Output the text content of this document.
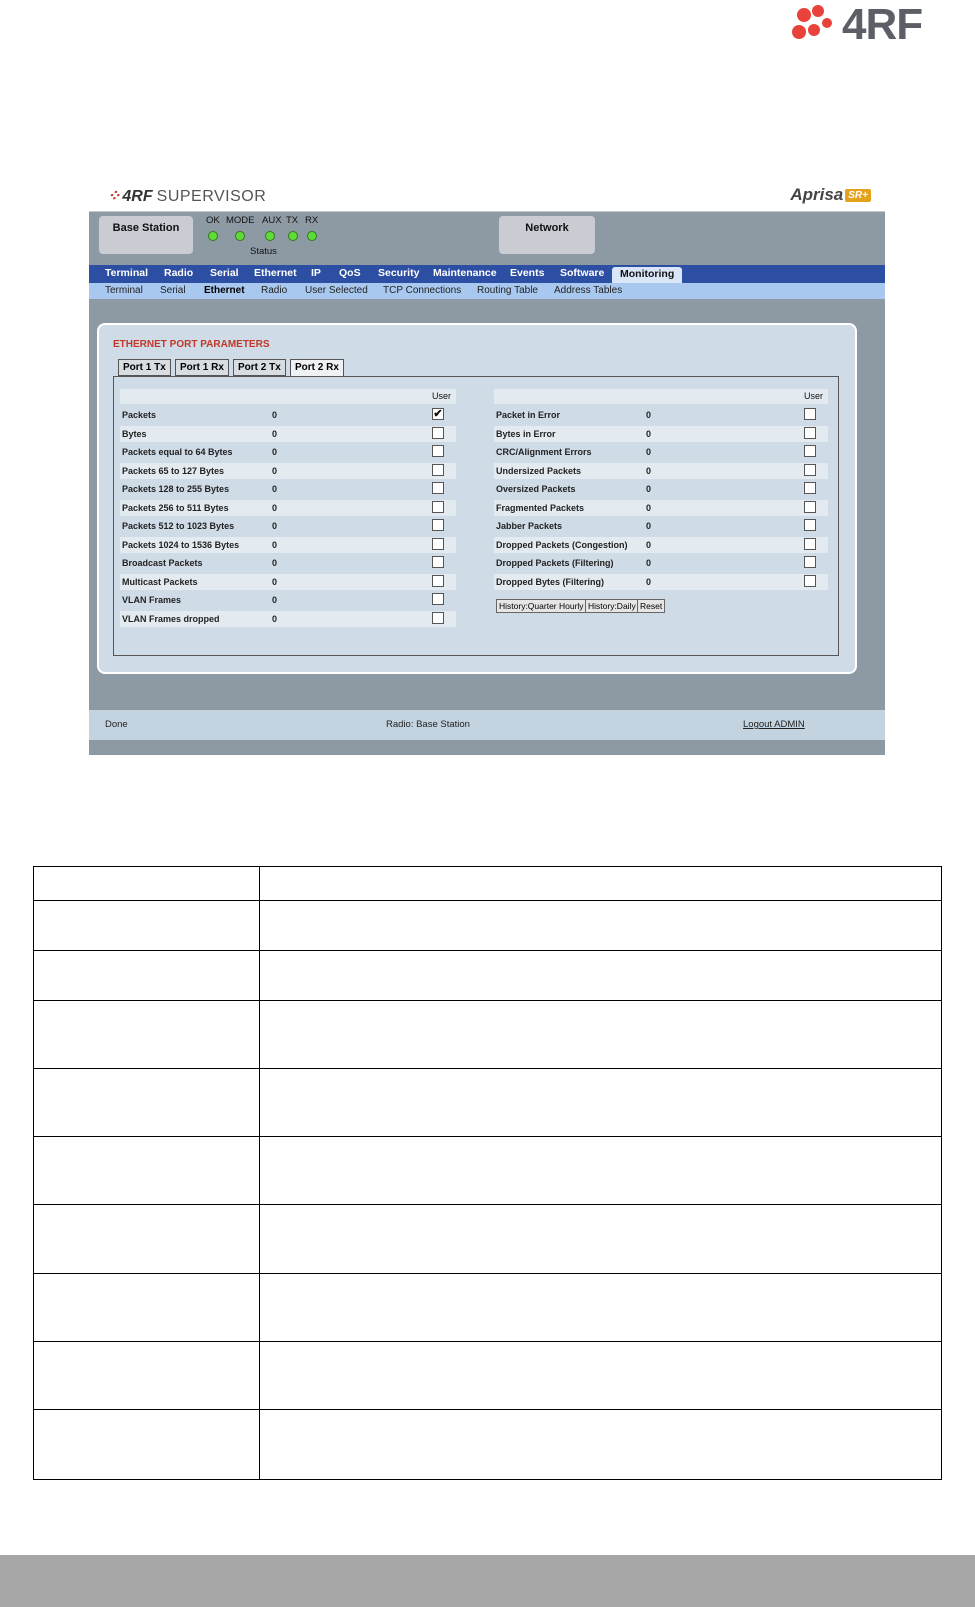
4RF
⁘ 4RF SUPERVISOR	Aprisa SR+
Base Station
OK MODE AUX TX RX
Status
Network
Terminal Radio Serial Ethernet IP QoS Security Maintenance Events Software	Monitoring
Terminal Serial Ethernet Radio User Selected TCP Connections Routing Table Address Tables
ETHERNET PORT PARAMETERS
Port 1 Tx	Port 1 Rx	Port 2 Tx	Port 2 Rx
User
Packets	0	✔
Bytes	0
Packets equal to 64 Bytes	0
Packets 65 to 127 Bytes	0
Packets 128 to 255 Bytes	0
Packets 256 to 511 Bytes	0
Packets 512 to 1023 Bytes	0
Packets 1024 to 1536 Bytes	0
Broadcast Packets	0
Multicast Packets	0
VLAN Frames	0
VLAN Frames dropped	0
User
Packet in Error	0
Bytes in Error	0
CRC/Alignment Errors	0
Undersized Packets	0
Oversized Packets	0
Fragmented Packets	0
Jabber Packets	0
Dropped Packets (Congestion) 0
Dropped Packets (Filtering)	0
Dropped Bytes (Filtering)	0
History:Quarter Hourly History:Daily Reset
Done	Radio: Base Station	Logout ADMIN
